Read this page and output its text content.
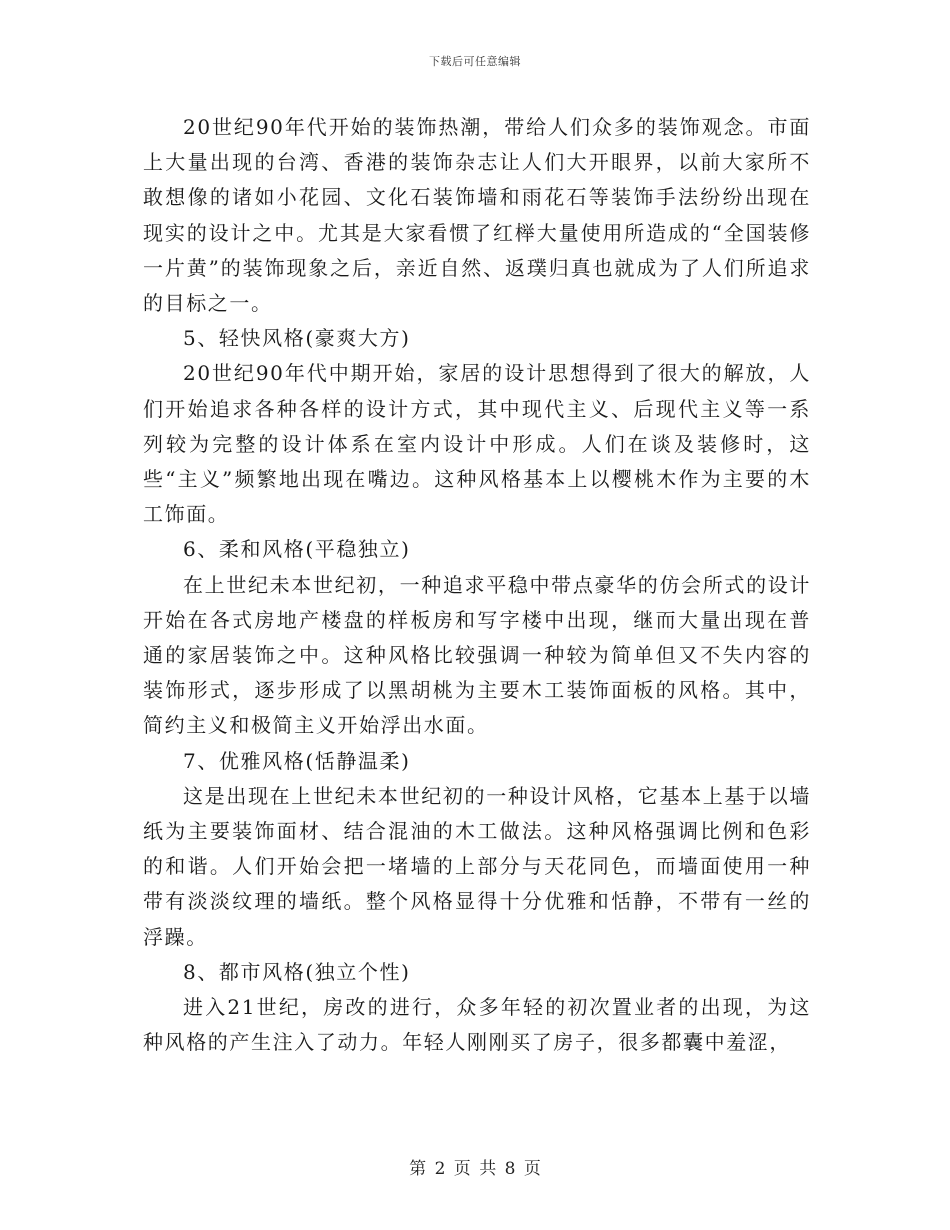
下载后可任意编辑

20世纪90年代开始的装饰热潮，带给人们众多的装饰观念。市面上大量出现的台湾、香港的装饰杂志让人们大开眼界，以前大家所不敢想像的诸如小花园、文化石装饰墙和雨花石等装饰手法纷纷出现在现实的设计之中。尤其是大家看惯了红榉大量使用所造成的“全国装修一片黄”的装饰现象之后，亲近自然、返璞归真也就成为了人们所追求的目标之一。

5、轻快风格(豪爽大方)

20世纪90年代中期开始，家居的设计思想得到了很大的解放，人们开始追求各种各样的设计方式，其中现代主义、后现代主义等一系列较为完整的设计体系在室内设计中形成。人们在谈及装修时，这些“主义”频繁地出现在嘴边。这种风格基本上以樱桃木作为主要的木工饰面。

6、柔和风格(平稳独立)

在上世纪未本世纪初，一种追求平稳中带点豪华的仿会所式的设计开始在各式房地产楼盘的样板房和写字楼中出现，继而大量出现在普通的家居装饰之中。这种风格比较强调一种较为简单但又不失内容的装饰形式，逐步形成了以黑胡桃为主要木工装饰面板的风格。其中，简约主义和极简主义开始浮出水面。

7、优雅风格(恬静温柔)

这是出现在上世纪未本世纪初的一种设计风格，它基本上基于以墙纸为主要装饰面材、结合混油的木工做法。这种风格强调比例和色彩的和谐。人们开始会把一堵墙的上部分与天花同色，而墙面使用一种带有淡淡纹理的墙纸。整个风格显得十分优雅和恬静，不带有一丝的浮躁。

8、都市风格(独立个性)

进入21世纪，房改的进行，众多年轻的初次置业者的出现，为这种风格的产生注入了动力。年轻人刚刚买了房子，很多都囊中羞涩，

第 2 页 共 8 页
